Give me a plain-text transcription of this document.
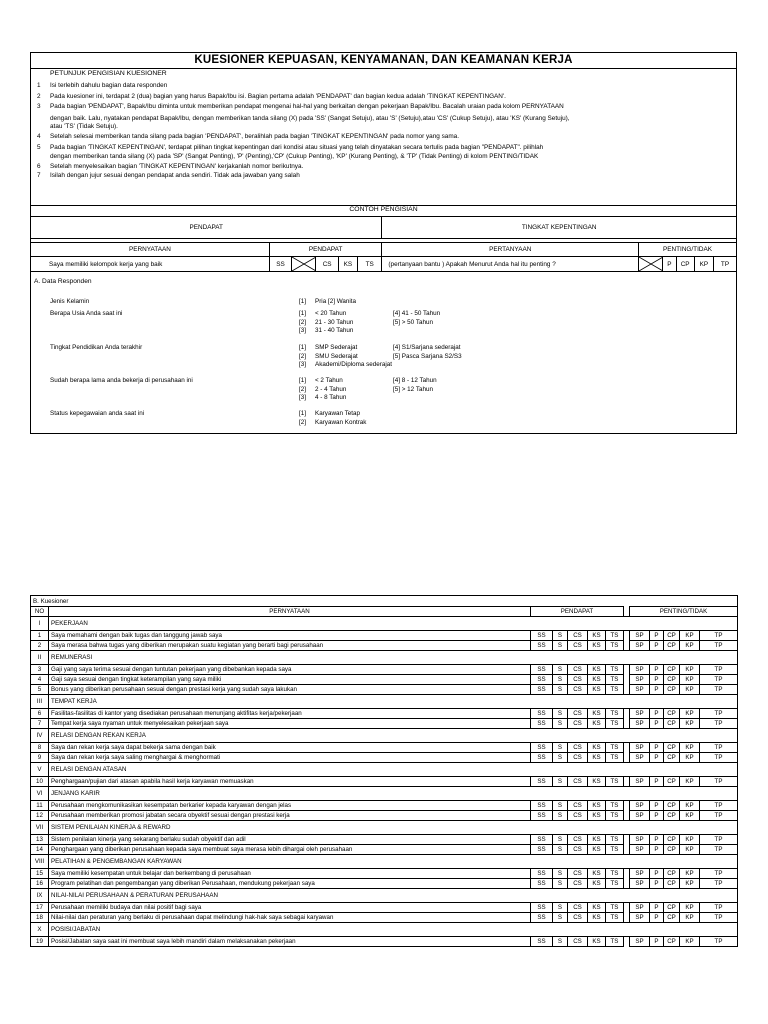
KUESIONER KEPUASAN, KENYAMANAN, DAN KEAMANAN KERJA
PETUNJUK PENGISIAN KUESIONER
1 Isi terlebih dahulu bagian data responden
2 Pada kuesioner ini, terdapat 2 (dua) bagian yang harus Bapak/Ibu isi. Bagian pertama adalah 'PENDAPAT' dan bagian kedua adalah 'TINGKAT KEPENTINGAN'.
3 Pada bagian 'PENDAPAT', Bapak/Ibu diminta untuk memberikan pendapat mengenai hal-hal yang berkaitan dengan pekerjaan Bapak/Ibu. Bacalah uraian pada kolom PERNYATAAN
dengan baik. Lalu, nyatakan pendapat Bapak/Ibu, dengan memberikan tanda silang (X) pada 'SS' (Sangat Setuju), atau 'S' (Setuju),atau 'CS' (Cukup Setuju), atau 'KS' (Kurang Setuju),
atau 'TS' (Tidak Setuju).
4 Setelah selesai memberikan tanda silang pada bagian 'PENDAPAT', beralihlah pada bagian 'TINGKAT KEPENTINGAN' pada nomor yang sama.
5 Pada bagian 'TINGKAT KEPENTINGAN', terdapat pilihan tingkat kepentingan dari kondisi atau situasi yang telah dinyatakan secara tertulis pada bagian "PENDAPAT". pilihlah
dengan memberikan tanda silang (X) pada 'SP' (Sangat Penting), 'P' (Penting),'CP' (Cukup Penting), 'KP' (Kurang Penting), & 'TP' (Tidak Penting) di kolom PENTING/TIDAK
6 Setelah menyelesaikan bagian 'TINGKAT KEPENTINGAN' kerjakanlah nomor berikutnya.
7 Isilah dengan jujur sesuai dengan pendapat anda sendiri. Tidak ada jawaban yang salah
CONTOH PENGISIAN
PENDAPAT						TINGKAT KEPENTINGAN					

PERNYATAAN	PENDAPAT					PERTANYAAN	PENTING/TIDAK				
Saya memiliki kelompok kerja yang baik	SS		CS	KS	TS	(pertanyaan bantu ) Apakah Menurut Anda hal itu penting ?		P	CP	KP	TP
A. Data Responden
Jenis Kelamin	[1] Pria [2] Wanita
Berapa Usia Anda saat ini	[1] < 20 Tahun	[4] 41 - 50 Tahun
[2] 21 - 30 Tahun	[5] > 50 Tahun
[3] 31 - 40 Tahun
Tingkat Pendidikan Anda terakhir	[1] SMP Sederajat	[4] S1/Sarjana sederajat
[2] SMU Sederajat	[5] Pasca Sarjana S2/S3
[3] Akademi/Diploma sederajat
Sudah berapa lama anda bekerja di perusahaan ini	[1] < 2 Tahun	[4] 8 - 12 Tahun
[2] 2 - 4 Tahun	[5] > 12 Tahun
[3] 4 - 8 Tahun
Status kepegawaian anda saat ini	[1] Karyawan Tetap
[2] Karyawan Kontrak
B. Kuesioner												
NO	PERNYATAAN	PENDAPAT						PENTING/TIDAK				
I	PEKERJAAN											
1	Saya memahami dengan baik tugas dan tanggung jawab saya	SS	S	CS	KS	TS		SP	P	CP	KP	TP
2	Saya merasa bahwa tugas yang diberikan merupakan suatu kegiatan yang berarti bagi perusahaan	SS	S	CS	KS	TS		SP	P	CP	KP	TP
II	REMUNERASI											
3	Gaji yang saya terima sesuai dengan tuntutan pekerjaan yang dibebankan kepada saya	SS	S	CS	KS	TS		SP	P	CP	KP	TP
4	Gaji saya sesuai dengan tingkat keterampilan yang saya miliki	SS	S	CS	KS	TS		SP	P	CP	KP	TP
5	Bonus yang diberikan perusahaan sesuai dengan prestasi kerja yang sudah saya lakukan	SS	S	CS	KS	TS		SP	P	CP	KP	TP
III	TEMPAT KERJA											
6	Fasilitas-fasilitas di kantor yang disediakan perusahaan menunjang aktifitas kerja/pekerjaan	SS	S	CS	KS	TS		SP	P	CP	KP	TP
7	Tempat kerja saya nyaman untuk menyelesaikan pekerjaan saya	SS	S	CS	KS	TS		SP	P	CP	KP	TP
IV	RELASI DENGAN REKAN KERJA											
8	Saya dan rekan kerja saya dapat bekerja sama dengan baik	SS	S	CS	KS	TS		SP	P	CP	KP	TP
9	Saya dan rekan kerja saya saling menghargai & menghormati	SS	S	CS	KS	TS		SP	P	CP	KP	TP
V	RELASI DENGAN ATASAN											
10	Penghargaan/pujian dari atasan apabila hasil kerja karyawan memuaskan	SS	S	CS	KS	TS		SP	P	CP	KP	TP
VI	JENJANG KARIR											
11	Perusahaan mengkomunikasikan kesempatan berkarier kepada karyawan dengan jelas	SS	S	CS	KS	TS		SP	P	CP	KP	TP
12	Perusahaan memberikan promosi jabatan secara obyektif sesuai dengan prestasi kerja	SS	S	CS	KS	TS		SP	P	CP	KP	TP
VII	SISTEM PENILAIAN KINERJA & REWARD											
13	Sistem penilaian kinerja yang sekarang berlaku sudah obyektif dan adil	SS	S	CS	KS	TS		SP	P	CP	KP	TP
14	Penghargaan yang diberikan perusahaan kepada saya membuat saya merasa lebih dihargai oleh perusahaan	SS	S	CS	KS	TS		SP	P	CP	KP	TP
VIII	PELATIHAN & PENGEMBANGAN KARYAWAN											
15	Saya memiliki kesempatan untuk belajar dan berkembang di perusahaan	SS	S	CS	KS	TS		SP	P	CP	KP	TP
16	Program pelatihan dan pengembangan yang diberikan Perusahaan, mendukung pekerjaan saya	SS	S	CS	KS	TS		SP	P	CP	KP	TP
IX	NILAI-NILAI PERUSAHAAN & PERATURAN PERUSAHAAN											
17	Perusahaan memiliki budaya dan nilai positif bagi saya	SS	S	CS	KS	TS		SP	P	CP	KP	TP
18	Nilai-nilai dan peraturan yang berlaku di perusahaan dapat melindungi hak-hak saya sebagai karyawan	SS	S	CS	KS	TS		SP	P	CP	KP	TP
X	POSISI/JABATAN											
19	Posisi/Jabatan saya saat ini membuat saya lebih mandiri dalam melaksanakan pekerjaan	SS	S	CS	KS	TS		SP	P	CP	KP	TP
